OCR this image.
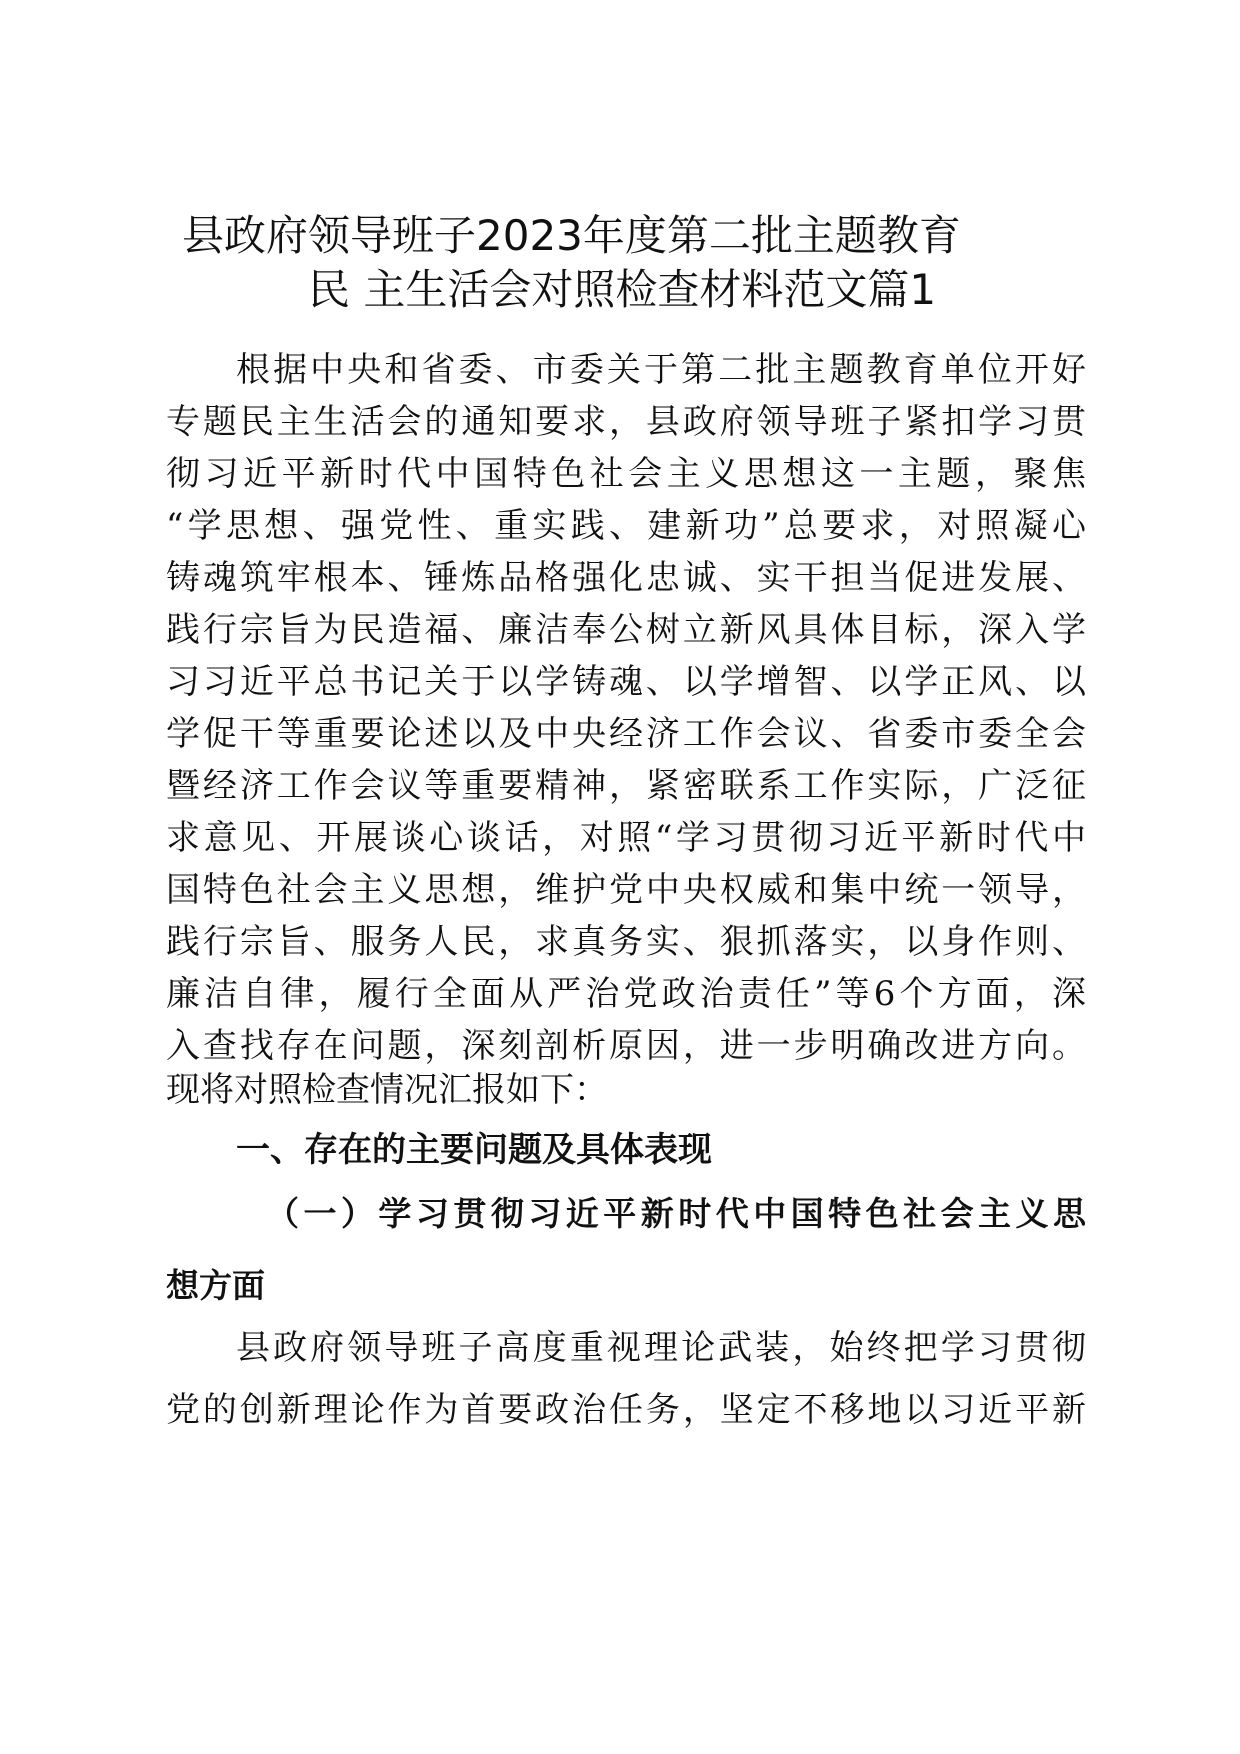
县政府领导班子2023年度第二批主题教育
民 主生活会对照检查材料范文篇1
根据中央和省委、市委关于第二批主题教育单位开好
专题民主生活会的通知要求，县政府领导班子紧扣学习贯
彻习近平新时代中国特色社会主义思想这一主题，聚焦
“学思想、强党性、重实践、建新功”总要求，对照凝心
铸魂筑牢根本、锤炼品格强化忠诚、实干担当促进发展、
践行宗旨为民造福、廉洁奉公树立新风具体目标，深入学
习习近平总书记关于以学铸魂、以学增智、以学正风、以
学促干等重要论述以及中央经济工作会议、省委市委全会
暨经济工作会议等重要精神，紧密联系工作实际，广泛征
求意见、开展谈心谈话，对照“学习贯彻习近平新时代中
国特色社会主义思想，维护党中央权威和集中统一领导，
践行宗旨、服务人民，求真务实、狠抓落实，以身作则、
廉洁自律，履行全面从严治党政治责任”等6个方面，深
入查找存在问题，深刻剖析原因，进一步明确改进方向。
现将对照检查情况汇报如下：
一、存在的主要问题及具体表现
（一）学习贯彻习近平新时代中国特色社会主义思
想方面
县政府领导班子高度重视理论武装，始终把学习贯彻
党的创新理论作为首要政治任务，坚定不移地以习近平新
